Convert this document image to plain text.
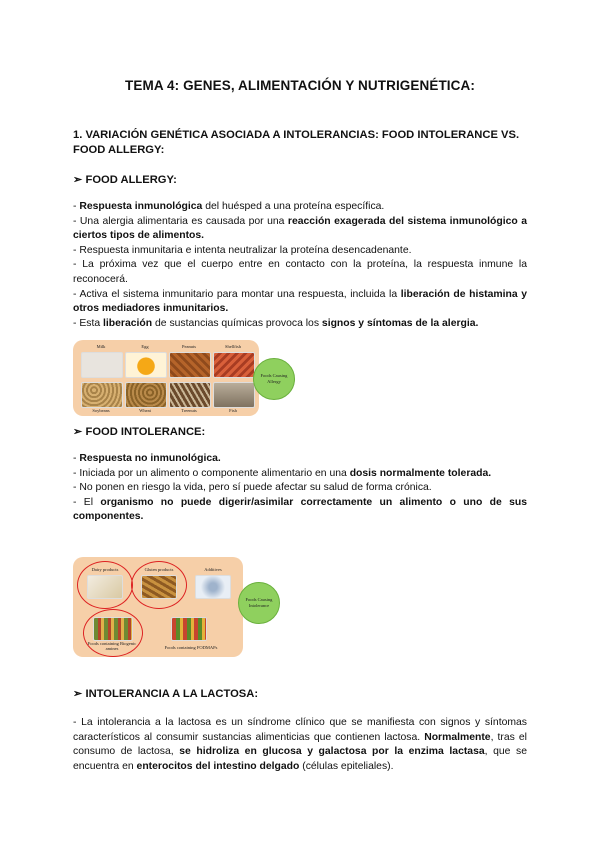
TEMA 4: GENES, ALIMENTACIÓN Y NUTRIGENÉTICA:
1. VARIACIÓN GENÉTICA ASOCIADA A INTOLERANCIAS: FOOD INTOLERANCE VS. FOOD ALLERGY:
➢ FOOD ALLERGY:

- Respuesta inmunológica del huésped a una proteína específica.

- Una alergia alimentaria es causada por una reacción exagerada del sistema inmunológico a ciertos tipos de alimentos.

- Respuesta inmunitaria e intenta neutralizar la proteína desencadenante.

- La próxima vez que el cuerpo entre en contacto con la proteína, la respuesta inmune la reconocerá.

- Activa el sistema inmunitario para montar una respuesta, incluida la liberación de histamina y otros mediadores inmunitarios.

- Esta liberación de sustancias químicas provoca los signos y síntomas de la alergia.

Milk	Egg	Peanuts	Shellfish
Soybeans	Wheat	Treenuts	Fish
Foods Causing Allergy
➢ FOOD INTOLERANCE:

- Respuesta no inmunológica.

- Iniciada por un alimento o componente alimentario en una dosis normalmente tolerada.

- No ponen en riesgo la vida, pero sí puede afectar su salud de forma crónica.

- El organismo no puede digerir/asimilar correctamente un alimento o uno de sus componentes.

Dairy products	Gluten products	Additives
Foods containing Biogenic amines	Foods containing FODMAPs
Foods Causing Intolerance
➢ INTOLERANCIA A LA LACTOSA:

- La intolerancia a la lactosa es un síndrome clínico que se manifiesta con signos y síntomas característicos al consumir sustancias alimenticias que contienen lactosa. Normalmente, tras el consumo de lactosa, se hidroliza en glucosa y galactosa por la enzima lactasa, que se encuentra en enterocitos del intestino delgado (células epiteliales).
